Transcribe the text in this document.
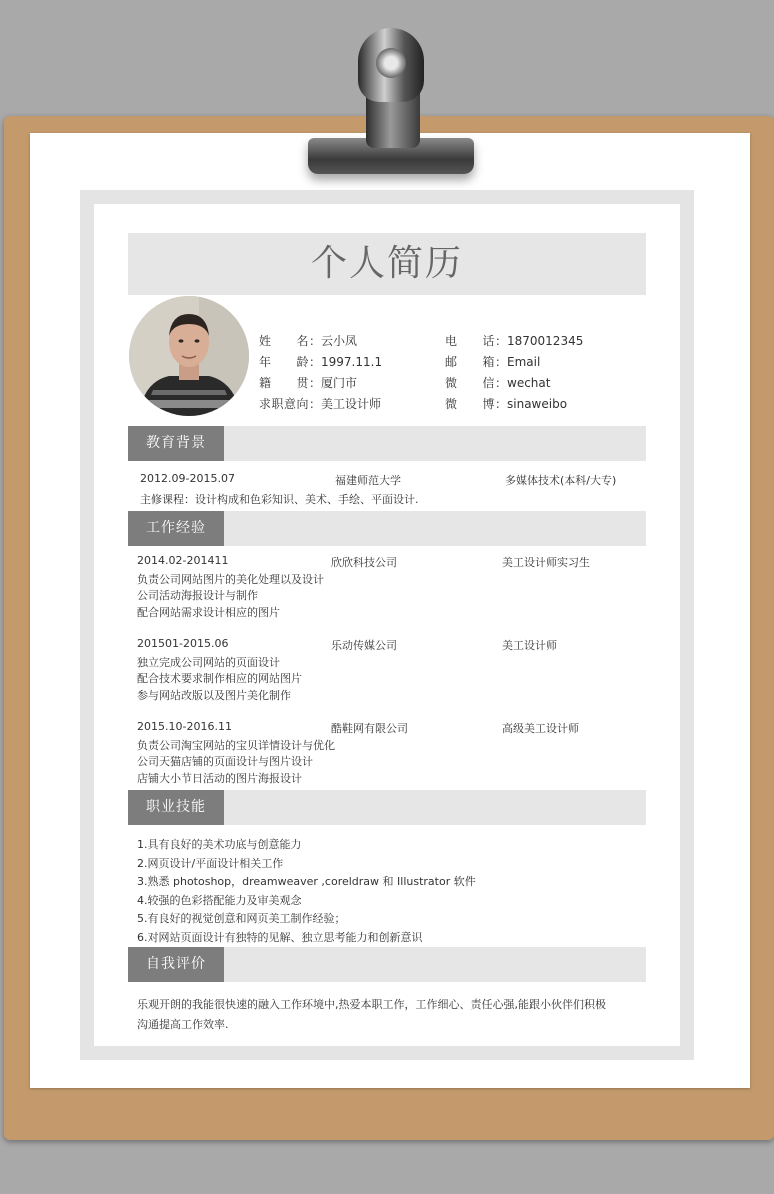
个人简历
姓　　名：云小凤
年　　龄：1997.11.1
籍　　贯：厦门市
求职意向：美工设计师
电　　话：1870012345
邮　　箱：Email
微　　信：wechat
微　　博：sinaweibo
教育背景
2012.09-2015.07	福建师范大学	多媒体技术(本科/大专)
主修课程：设计构成和色彩知识、美术、手绘、平面设计.
工作经验
2014.02-201411	欣欣科技公司	美工设计师实习生
负责公司网站图片的美化处理以及设计
公司活动海报设计与制作
配合网站需求设计相应的图片
201501-2015.06	乐动传媒公司	美工设计师
独立完成公司网站的页面设计
配合技术要求制作相应的网站图片
参与网站改版以及图片美化制作
2015.10-2016.11	酷鞋网有限公司	高级美工设计师
负责公司淘宝网站的宝贝详情设计与优化
公司天猫店铺的页面设计与图片设计
店铺大小节日活动的图片海报设计
职业技能
1.具有良好的美术功底与创意能力
2.网页设计/平面设计相关工作
3.熟悉 photoshop，dreamweaver ,coreldraw 和 Illustrator 软件
4.较强的色彩搭配能力及审美观念
5.有良好的视觉创意和网页美工制作经验；
6.对网站页面设计有独特的见解、独立思考能力和创新意识
自我评价
乐观开朗的我能很快速的融入工作环境中,热爱本职工作，工作细心、责任心强,能跟小伙伴们积极
沟通提高工作效率.
